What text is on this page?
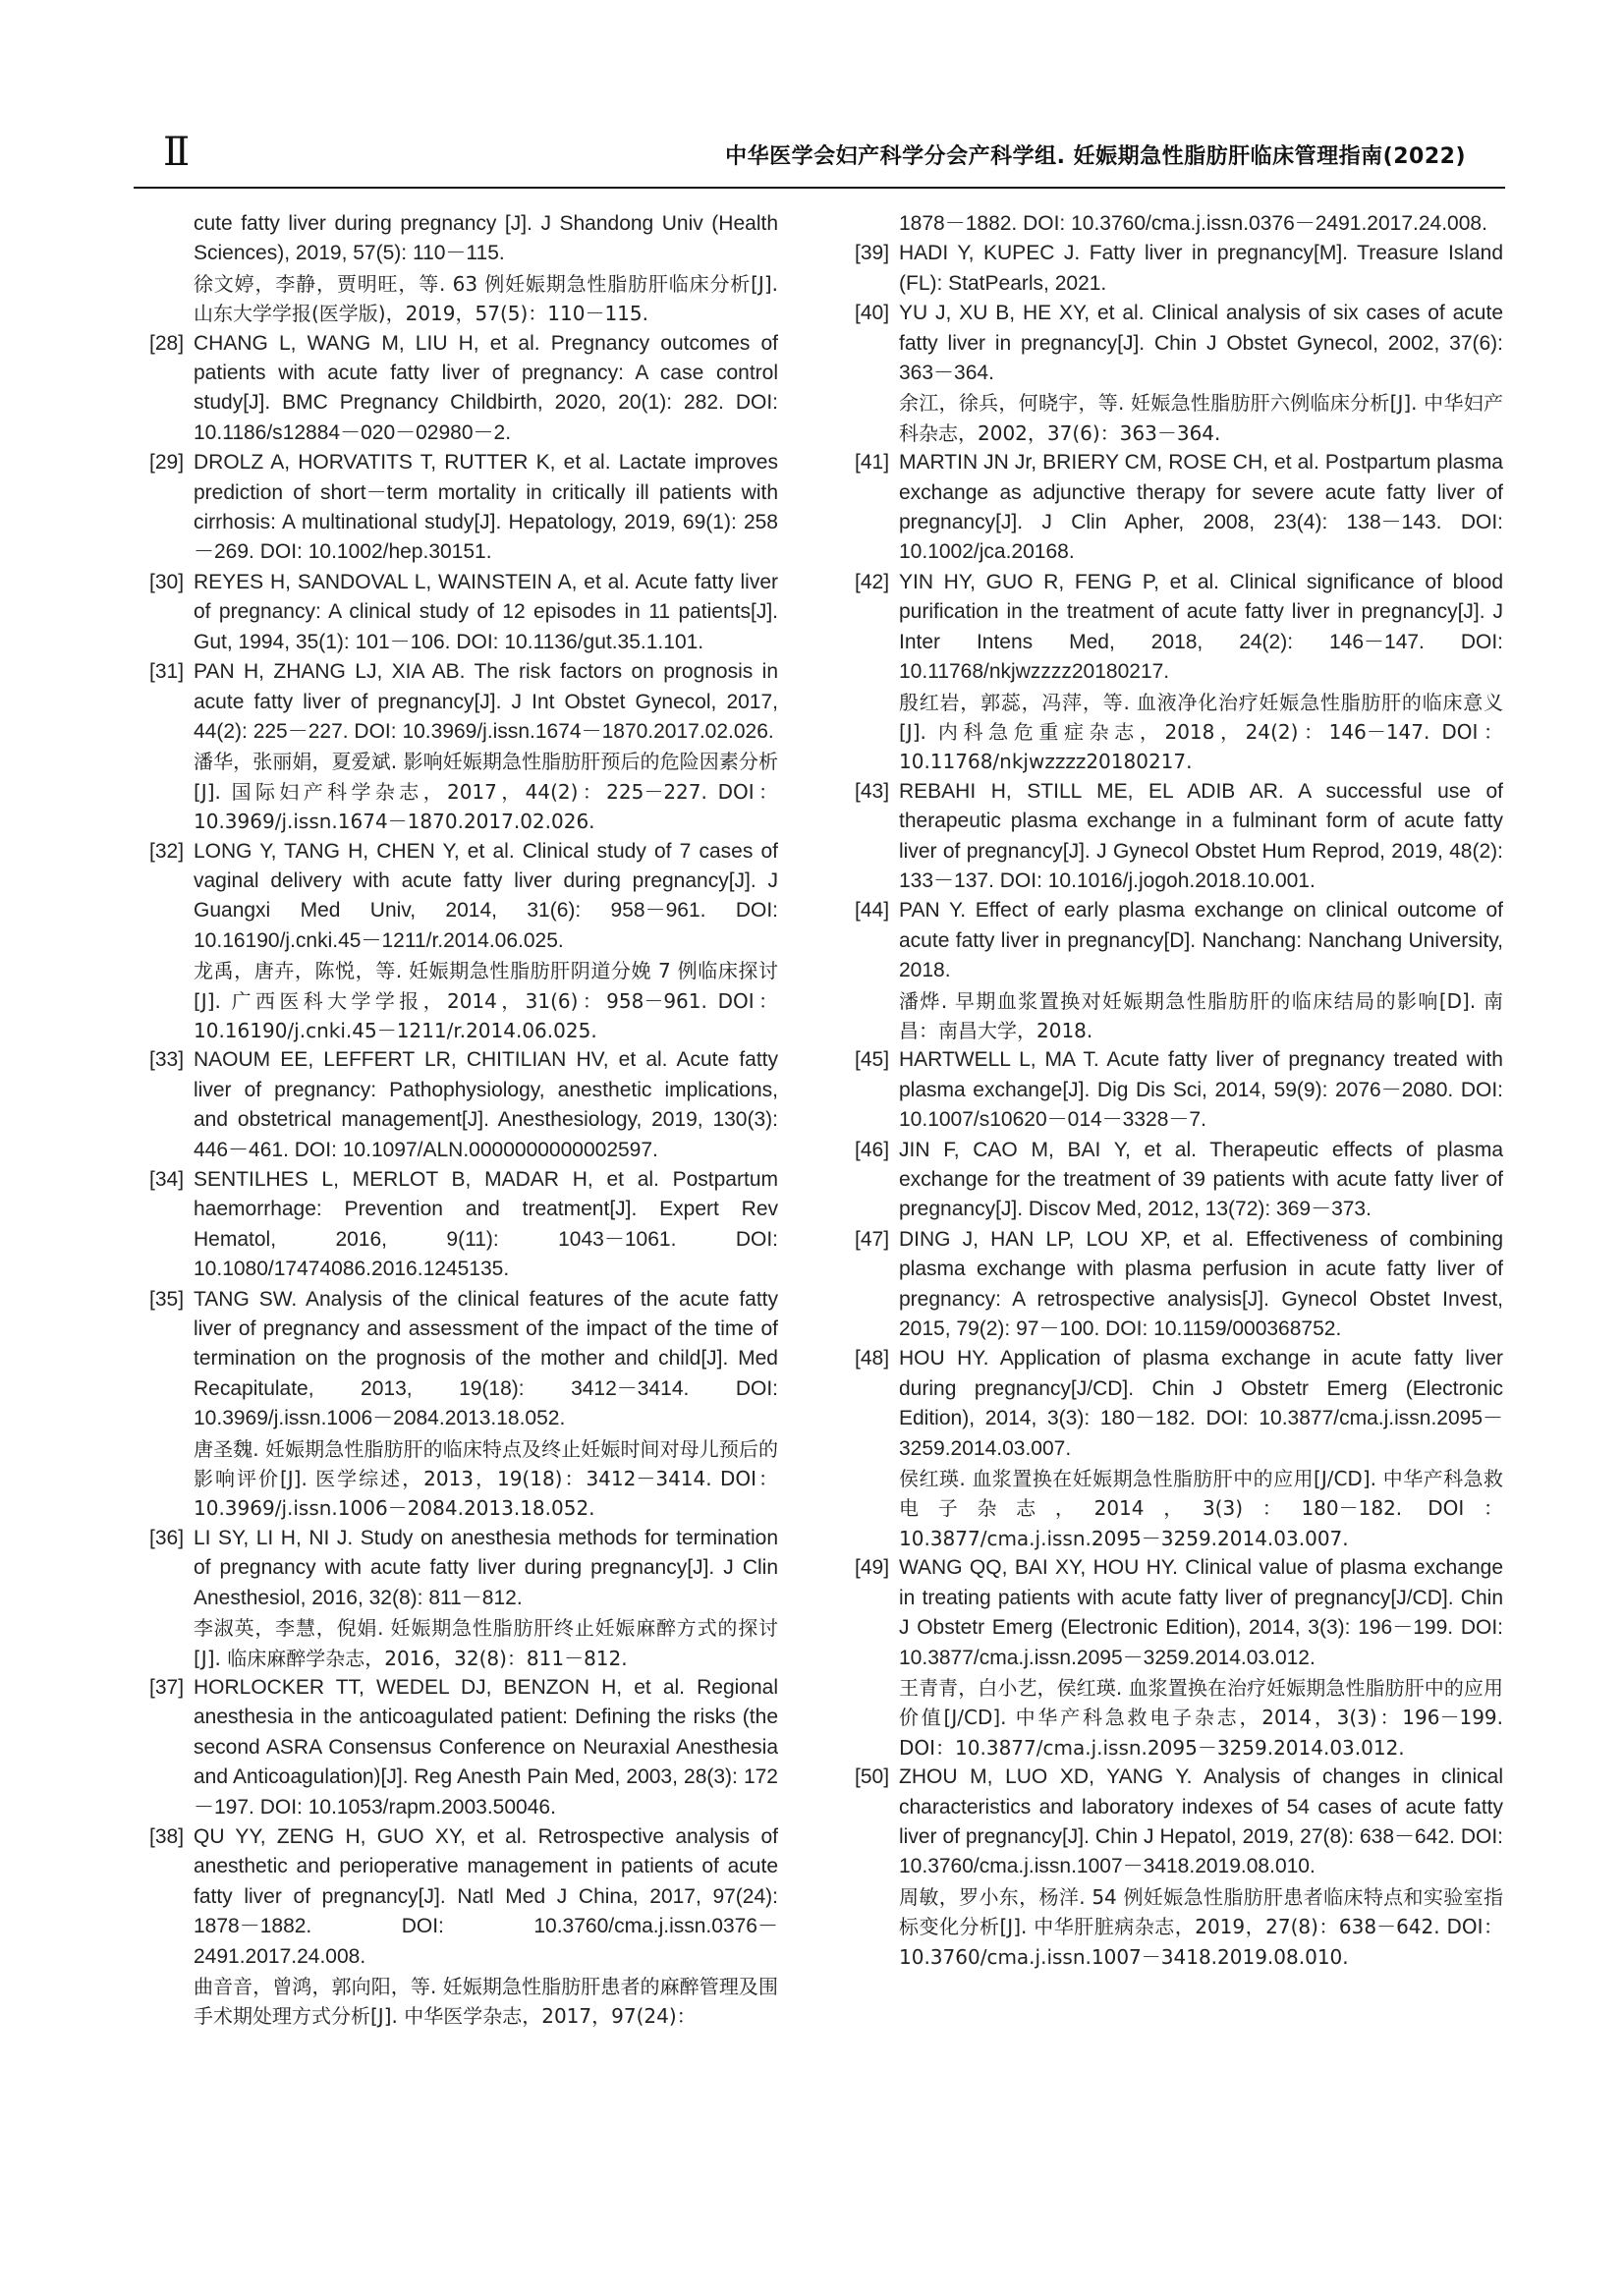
Ⅱ	中华医学会妇产科学分会产科学组. 妊娠期急性脂肪肝临床管理指南(2022)
cute fatty liver during pregnancy [J]. J Shandong Univ (Health Sciences), 2019, 57(5): 110－115.
徐文婷，李静，贾明旺，等. 63 例妊娠期急性脂肪肝临床分析[J]. 山东大学学报(医学版)，2019，57(5)：110－115.
[28] CHANG L, WANG M, LIU H, et al. Pregnancy outcomes of patients with acute fatty liver of pregnancy: A case control study[J]. BMC Pregnancy Childbirth, 2020, 20(1): 282. DOI: 10.1186/s12884－020－02980－2.
[29] DROLZ A, HORVATITS T, RUTTER K, et al. Lactate improves prediction of short－term mortality in critically ill patients with cirrhosis: A multinational study[J]. Hepatology, 2019, 69(1): 258－269. DOI: 10.1002/hep.30151.
[30] REYES H, SANDOVAL L, WAINSTEIN A, et al. Acute fatty liver of pregnancy: A clinical study of 12 episodes in 11 patients[J]. Gut, 1994, 35(1): 101－106. DOI: 10.1136/gut.35.1.101.
[31] PAN H, ZHANG LJ, XIA AB. The risk factors on prognosis in acute fatty liver of pregnancy[J]. J Int Obstet Gynecol, 2017, 44(2): 225－227. DOI: 10.3969/j.issn.1674－1870.2017.02.026.
潘华，张丽娟，夏爱斌. 影响妊娠期急性脂肪肝预后的危险因素分析[J]. 国际妇产科学杂志，2017，44(2)：225－227. DOI：10.3969/j.issn.1674－1870.2017.02.026.
[32] LONG Y, TANG H, CHEN Y, et al. Clinical study of 7 cases of vaginal delivery with acute fatty liver during pregnancy[J]. J Guangxi Med Univ, 2014, 31(6): 958－961. DOI: 10.16190/j.cnki.45－1211/r.2014.06.025.
龙禹，唐卉，陈悦，等. 妊娠期急性脂肪肝阴道分娩 7 例临床探讨[J]. 广西医科大学学报，2014，31(6)：958－961. DOI：10.16190/j.cnki.45－1211/r.2014.06.025.
[33] NAOUM EE, LEFFERT LR, CHITILIAN HV, et al. Acute fatty liver of pregnancy: Pathophysiology, anesthetic implications, and obstetrical management[J]. Anesthesiology, 2019, 130(3): 446－461. DOI: 10.1097/ALN.0000000000002597.
[34] SENTILHES L, MERLOT B, MADAR H, et al. Postpartum haemorrhage: Prevention and treatment[J]. Expert Rev Hematol, 2016, 9(11): 1043－1061. DOI: 10.1080/17474086.2016.1245135.
[35] TANG SW. Analysis of the clinical features of the acute fatty liver of pregnancy and assessment of the impact of the time of termination on the prognosis of the mother and child[J]. Med Recapitulate, 2013, 19(18): 3412－3414. DOI: 10.3969/j.issn.1006－2084.2013.18.052.
唐圣魏. 妊娠期急性脂肪肝的临床特点及终止妊娠时间对母儿预后的影响评价[J]. 医学综述，2013，19(18)：3412－3414. DOI：10.3969/j.issn.1006－2084.2013.18.052.
[36] LI SY, LI H, NI J. Study on anesthesia methods for termination of pregnancy with acute fatty liver during pregnancy[J]. J Clin Anesthesiol, 2016, 32(8): 811－812.
李淑英，李慧，倪娟. 妊娠期急性脂肪肝终止妊娠麻醉方式的探讨[J]. 临床麻醉学杂志，2016，32(8)：811－812.
[37] HORLOCKER TT, WEDEL DJ, BENZON H, et al. Regional anesthesia in the anticoagulated patient: Defining the risks (the second ASRA Consensus Conference on Neuraxial Anesthesia and Anticoagulation)[J]. Reg Anesth Pain Med, 2003, 28(3): 172－197. DOI: 10.1053/rapm.2003.50046.
[38] QU YY, ZENG H, GUO XY, et al. Retrospective analysis of anesthetic and perioperative management in patients of acute fatty liver of pregnancy[J]. Natl Med J China, 2017, 97(24): 1878－1882. DOI: 10.3760/cma.j.issn.0376－2491.2017.24.008.
曲音音，曾鸿，郭向阳，等. 妊娠期急性脂肪肝患者的麻醉管理及围手术期处理方式分析[J]. 中华医学杂志，2017，97(24)：
1878－1882. DOI: 10.3760/cma.j.issn.0376－2491.2017.24.008.
[39] HADI Y, KUPEC J. Fatty liver in pregnancy[M]. Treasure Island (FL): StatPearls, 2021.
[40] YU J, XU B, HE XY, et al. Clinical analysis of six cases of acute fatty liver in pregnancy[J]. Chin J Obstet Gynecol, 2002, 37(6): 363－364.
余江，徐兵，何晓宇，等. 妊娠急性脂肪肝六例临床分析[J]. 中华妇产科杂志，2002，37(6)：363－364.
[41] MARTIN JN Jr, BRIERY CM, ROSE CH, et al. Postpartum plasma exchange as adjunctive therapy for severe acute fatty liver of pregnancy[J]. J Clin Apher, 2008, 23(4): 138－143. DOI: 10.1002/jca.20168.
[42] YIN HY, GUO R, FENG P, et al. Clinical significance of blood purification in the treatment of acute fatty liver in pregnancy[J]. J Inter Intens Med, 2018, 24(2): 146－147. DOI: 10.11768/nkjwzzzz20180217.
殷红岩，郭蕊，冯萍，等. 血液净化治疗妊娠急性脂肪肝的临床意义[J]. 内科急危重症杂志，2018，24(2)：146－147. DOI：10.11768/nkjwzzzz20180217.
[43] REBAHI H, STILL ME, EL ADIB AR. A successful use of therapeutic plasma exchange in a fulminant form of acute fatty liver of pregnancy[J]. J Gynecol Obstet Hum Reprod, 2019, 48(2): 133－137. DOI: 10.1016/j.jogoh.2018.10.001.
[44] PAN Y. Effect of early plasma exchange on clinical outcome of acute fatty liver in pregnancy[D]. Nanchang: Nanchang University, 2018.
潘烨. 早期血浆置换对妊娠期急性脂肪肝的临床结局的影响[D]. 南昌：南昌大学，2018.
[45] HARTWELL L, MA T. Acute fatty liver of pregnancy treated with plasma exchange[J]. Dig Dis Sci, 2014, 59(9): 2076－2080. DOI: 10.1007/s10620－014－3328－7.
[46] JIN F, CAO M, BAI Y, et al. Therapeutic effects of plasma exchange for the treatment of 39 patients with acute fatty liver of pregnancy[J]. Discov Med, 2012, 13(72): 369－373.
[47] DING J, HAN LP, LOU XP, et al. Effectiveness of combining plasma exchange with plasma perfusion in acute fatty liver of pregnancy: A retrospective analysis[J]. Gynecol Obstet Invest, 2015, 79(2): 97－100. DOI: 10.1159/000368752.
[48] HOU HY. Application of plasma exchange in acute fatty liver during pregnancy[J/CD]. Chin J Obstetr Emerg (Electronic Edition), 2014, 3(3): 180－182. DOI: 10.3877/cma.j.issn.2095－3259.2014.03.007.
侯红瑛. 血浆置换在妊娠期急性脂肪肝中的应用[J/CD]. 中华产科急救电子杂志，2014，3(3)：180－182. DOI：10.3877/cma.j.issn.2095－3259.2014.03.007.
[49] WANG QQ, BAI XY, HOU HY. Clinical value of plasma exchange in treating patients with acute fatty liver of pregnancy[J/CD]. Chin J Obstetr Emerg (Electronic Edition), 2014, 3(3): 196－199. DOI: 10.3877/cma.j.issn.2095－3259.2014.03.012.
王青青，白小艺，侯红瑛. 血浆置换在治疗妊娠期急性脂肪肝中的应用价值[J/CD]. 中华产科急救电子杂志，2014，3(3)：196－199. DOI：10.3877/cma.j.issn.2095－3259.2014.03.012.
[50] ZHOU M, LUO XD, YANG Y. Analysis of changes in clinical characteristics and laboratory indexes of 54 cases of acute fatty liver of pregnancy[J]. Chin J Hepatol, 2019, 27(8): 638－642. DOI: 10.3760/cma.j.issn.1007－3418.2019.08.010.
周敏，罗小东，杨洋. 54 例妊娠急性脂肪肝患者临床特点和实验室指标变化分析[J]. 中华肝脏病杂志，2019，27(8)：638－642. DOI：10.3760/cma.j.issn.1007－3418.2019.08.010.
